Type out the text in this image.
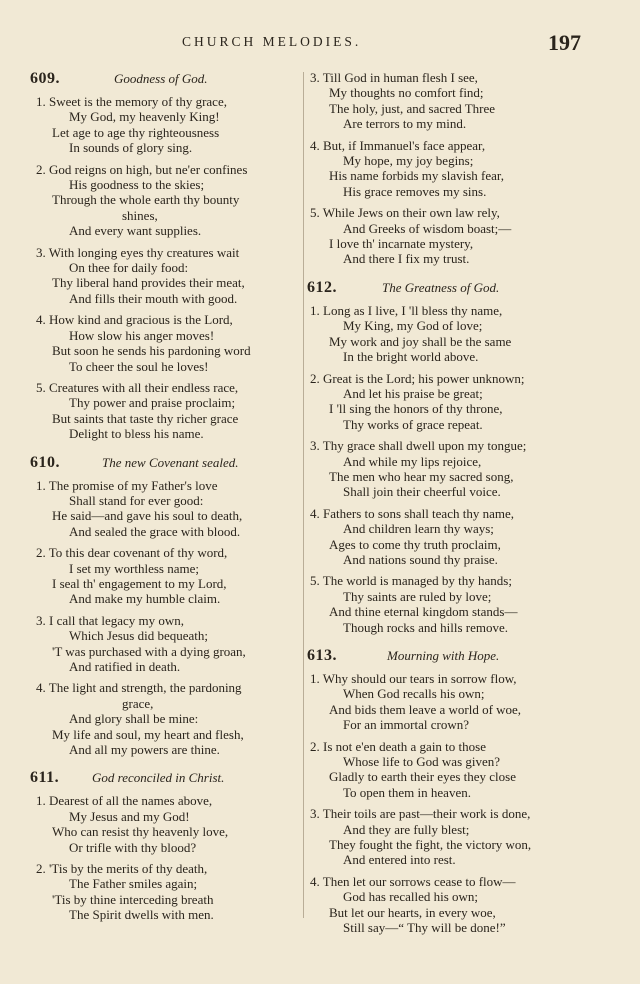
CHURCH MELODIES.	197
609.	Goodness of God.
1. Sweet is the memory of thy grace,
My God, my heavenly King!
Let age to age thy righteousness
In sounds of glory sing.
2. God reigns on high, but ne'er confines
His goodness to the skies;
Through the whole earth thy bounty
shines,
And every want supplies.
3. With longing eyes thy creatures wait
On thee for daily food:
Thy liberal hand provides their meat,
And fills their mouth with good.
4. How kind and gracious is the Lord,
How slow his anger moves!
But soon he sends his pardoning word
To cheer the soul he loves!
5. Creatures with all their endless race,
Thy power and praise proclaim;
But saints that taste thy richer grace
Delight to bless his name.
610.	The new Covenant sealed.
1. The promise of my Father's love
Shall stand for ever good:
He said—and gave his soul to death,
And sealed the grace with blood.
2. To this dear covenant of thy word,
I set my worthless name;
I seal th' engagement to my Lord,
And make my humble claim.
3. I call that legacy my own,
Which Jesus did bequeath;
'T was purchased with a dying groan,
And ratified in death.
4. The light and strength, the pardoning
grace,
And glory shall be mine:
My life and soul, my heart and flesh,
And all my powers are thine.
611.	God reconciled in Christ.
1. Dearest of all the names above,
My Jesus and my God!
Who can resist thy heavenly love,
Or trifle with thy blood?
2. 'Tis by the merits of thy death,
The Father smiles again;
'Tis by thine interceding breath
The Spirit dwells with men.
3. Till God in human flesh I see,
My thoughts no comfort find;
The holy, just, and sacred Three
Are terrors to my mind.
4. But, if Immanuel's face appear,
My hope, my joy begins;
His name forbids my slavish fear,
His grace removes my sins.
5. While Jews on their own law rely,
And Greeks of wisdom boast;—
I love th' incarnate mystery,
And there I fix my trust.
612.	The Greatness of God.
1. Long as I live, I 'll bless thy name,
My King, my God of love;
My work and joy shall be the same
In the bright world above.
2. Great is the Lord; his power unknown;
And let his praise be great;
I 'll sing the honors of thy throne,
Thy works of grace repeat.
3. Thy grace shall dwell upon my tongue;
And while my lips rejoice,
The men who hear my sacred song,
Shall join their cheerful voice.
4. Fathers to sons shall teach thy name,
And children learn thy ways;
Ages to come thy truth proclaim,
And nations sound thy praise.
5. The world is managed by thy hands;
Thy saints are ruled by love;
And thine eternal kingdom stands—
Though rocks and hills remove.
613.	Mourning with Hope.
1. Why should our tears in sorrow flow,
When God recalls his own;
And bids them leave a world of woe,
For an immortal crown?
2. Is not e'en death a gain to those
Whose life to God was given?
Gladly to earth their eyes they close
To open them in heaven.
3. Their toils are past—their work is done,
And they are fully blest;
They fought the fight, the victory won,
And entered into rest.
4. Then let our sorrows cease to flow—
God has recalled his own;
But let our hearts, in every woe,
Still say—“ Thy will be done!”
